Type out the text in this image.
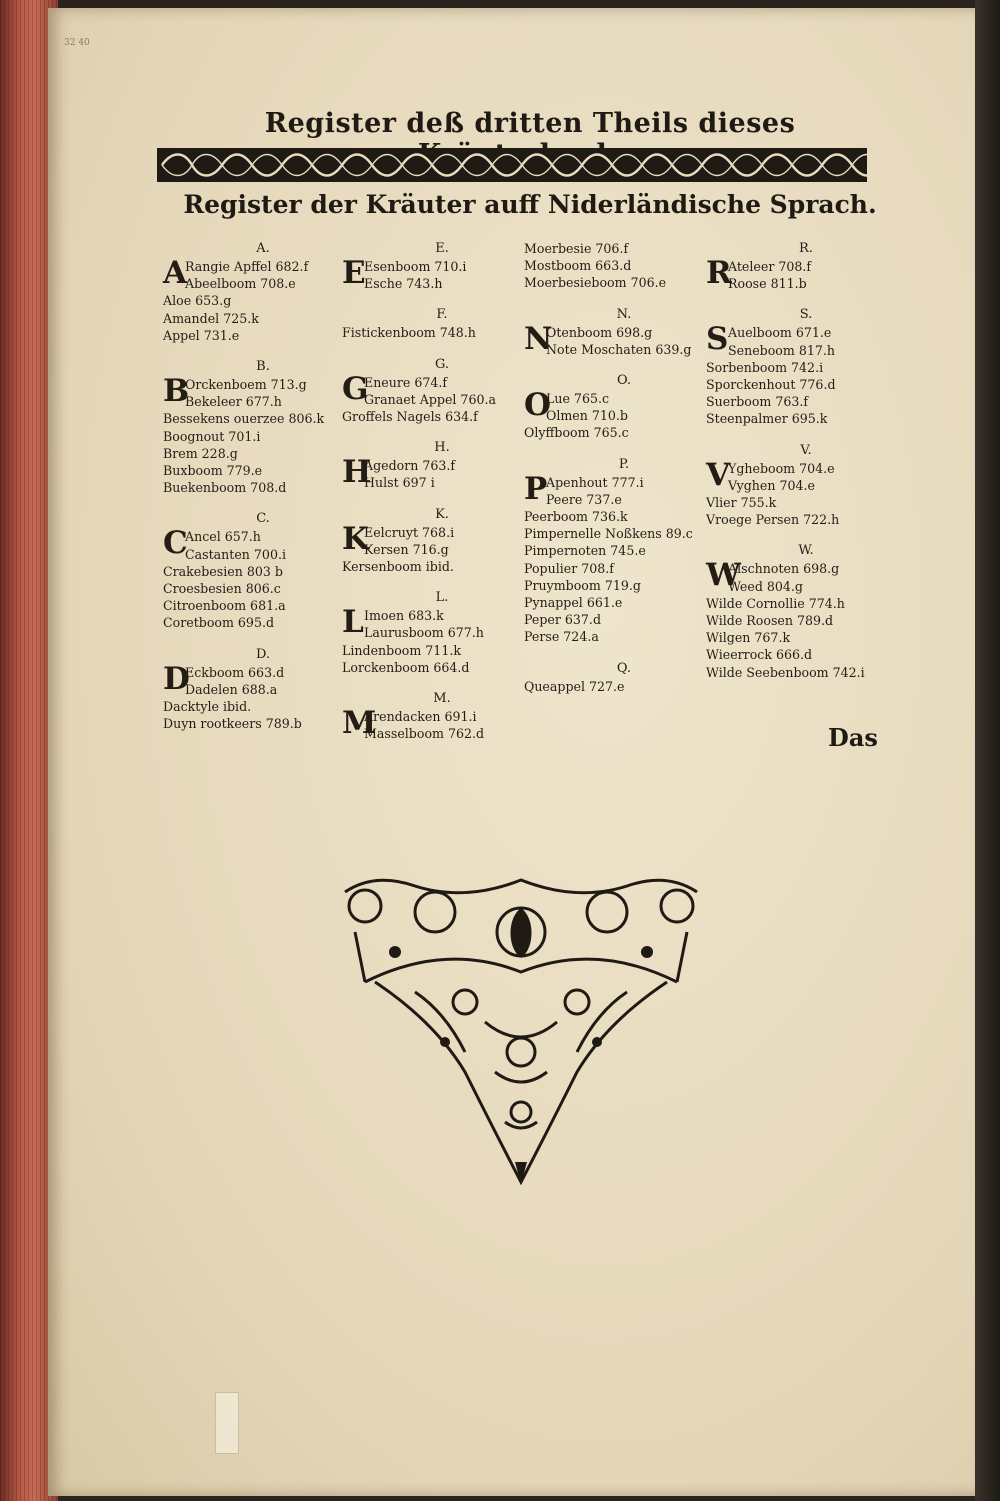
32 40
Register deß dritten Theils dieses
Register der Kräuter auff Niderländische Sprach.
A.
A
Rangie Apffel 682.f
Abeelboom 708.e
Aloe 653.g
Amandel 725.k
Appel 731.e
B.
B
Orckenboem 713.g
Bekeleer 677.h
Bessekens ouerzee 806.k
Boognout 701.i
Brem 228.g
Buxboom 779.e
Buekenboom 708.d
C.
C
Ancel 657.h
Castanten 700.i
Crakebesien 803 b
Croesbesien 806.c
Citroenboom 681.a
Coretboom 695.d
D.
D
Eckboom 663.d
Dadelen 688.a
Dacktyle ibid.
Duyn rootkeers 789.b
E.
E
Esenboom 710.i
Esche 743.h
F.
Fistickenboom 748.h
G.
G
Eneure 674.f
Granaet Appel 760.a
Groffels Nagels 634.f
H.
H
Agedorn 763.f
Hulst 697 i
K.
K
Eelcruyt 768.i
Kersen 716.g
Kersenboom ibid.
L.
L Imoen 683.k
Laurusboom 677.h
Lindenboom 711.k
Lorckenboom 664.d
M.
M
Arendacken 691.i
Masselboom 762.d
Moerbesie 706.f
Mostboom 663.d
Moerbesieboom 706.e
N.
N
Otenboom 698.g
Note Moschaten 639.g
O.
O
Lue 765.c
Olmen 710.b
Olyffboom 765.c
P.
P
Apenhout 777.i
Peere 737.e
Peerboom 736.k
Pimpernelle Noßkens 89.c
Pimpernoten 745.e
Populier 708.f
Pruymboom 719.g
Pynappel 661.e
Peper 637.d
Perse 724.a
Q.
Queappel 727.e
R.
R
Ateleer 708.f
Roose 811.b
S.
S Auelboom 671.e
Seneboom 817.h
Sorbenboom 742.i
Sporckenhout 776.d
Suerboom 763.f
Steenpalmer 695.k
V.
V
Ygheboom 704.e
Vyghen 704.e
Vlier 755.k
Vroege Persen 722.h
W.
W
Alschnoten 698.g
Weed 804.g
Wilde Cornollie 774.h
Wilde Roosen 789.d
Wilgen 767.k
Wieerrock 666.d
Wilde Seebenboom 742.i
Das
